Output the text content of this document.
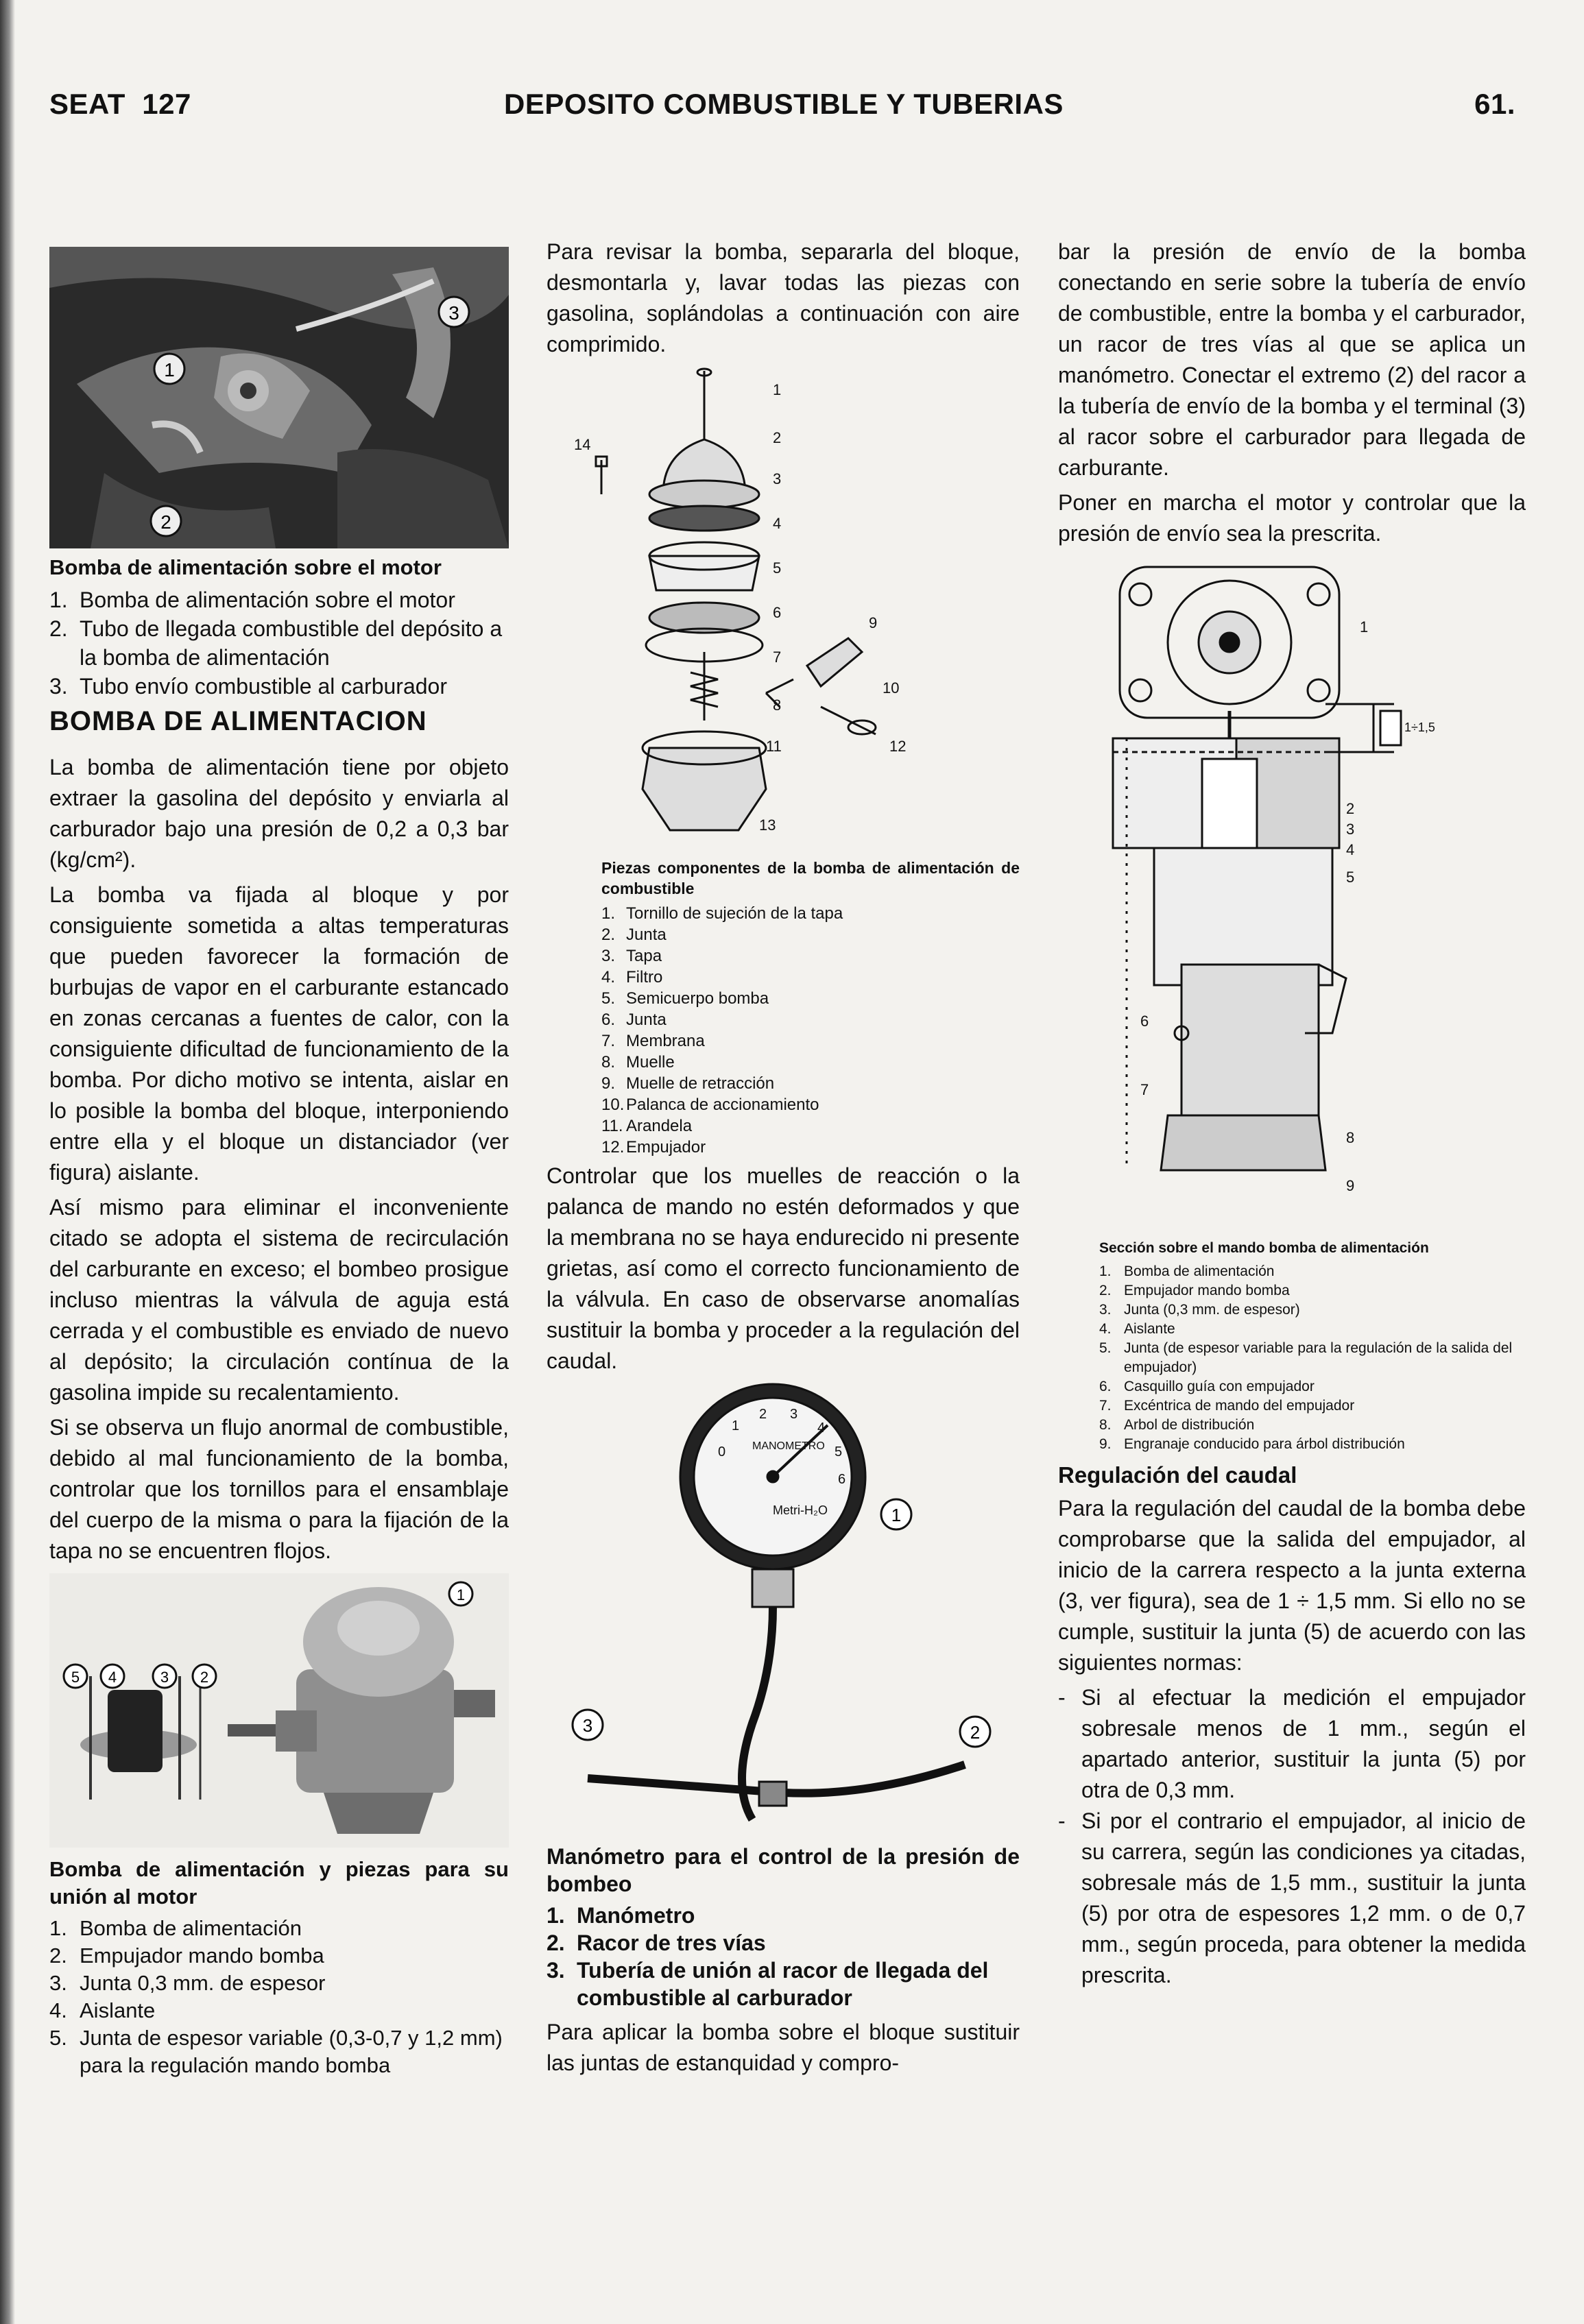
SEAT  127	DEPOSITO COMBUSTIBLE Y TUBERIAS	61.
1
2
3

Bomba de alimentación sobre el motor

1. Bomba de alimentación sobre el motor
2. Tubo de llegada combustible del depósito a la bomba de alimentación
3. Tubo envío combustible al carburador
BOMBA DE ALIMENTACION

La bomba de alimentación tiene por objeto extraer la gasolina del depósito y enviarla al carburador bajo una presión de 0,2 a 0,3 bar (kg/cm²).

La bomba va fijada al bloque y por consiguiente sometida a altas temperaturas que pueden favorecer la formación de burbujas de vapor en el carburante estancado en zonas cercanas a fuentes de calor, con la consiguiente dificultad de funcionamiento de la bomba. Por dicho motivo se intenta, aislar en lo posible la bomba del bloque, interponiendo entre ella y el bloque un distanciador (ver figura) aislante.

Así mismo para eliminar el inconveniente citado se adopta el sistema de recirculación del carburante en exceso; el bombeo prosigue incluso mientras la válvula de aguja está cerrada y el combustible es enviado de nuevo al depósito; la circulación contínua de la gasolina impide su recalentamiento.

Si se observa un flujo anormal de combustible, debido al mal funcionamiento de la bomba, controlar que los tornillos para el ensamblaje del cuerpo de la misma o para la fijación de la tapa no se encuentren flojos.

5 4	3 2
1

Bomba de alimentación y piezas para su unión al motor

1. Bomba de alimentación
2. Empujador mando bomba
3. Junta 0,3 mm. de espesor
4. Aislante
5. Junta de espesor variable (0,3-0,7 y 1,2 mm) para la regulación mando bomba

Para revisar la bomba, separarla del bloque, desmontarla y, lavar todas las piezas con gasolina, soplándolas a continuación con aire comprimido.

1
2
3
4
5
6
7
8
9
10
11	12
13
14

Piezas componentes de la bomba de alimentación de combustible

1. Tornillo de sujeción de la tapa
2. Junta
3. Tapa
4. Filtro
5. Semicuerpo bomba
6. Junta
7. Membrana
8. Muelle
9. Muelle de retracción
10. Palanca de accionamiento
11. Arandela
12. Empujador

Controlar que los muelles de reacción o la palanca de mando no estén deformados y que la membrana no se haya endurecido ni presente grietas, así como el correcto funcionamiento de la válvula. En caso de observarse anomalías sustituir la bomba y proceder a la regulación del caudal.

0
1
2 3
4
5
6
MANOMETRO
Metri-H₂O	1
2
3

Manómetro para el control de la presión de bombeo

1. Manómetro
2. Racor de tres vías
3. Tubería de unión al racor de llegada del combustible al carburador

Para aplicar la bomba sobre el bloque sustituir las juntas de estanquidad y compro-

bar la presión de envío de la bomba conectando en serie sobre la tubería de envío de combustible, entre la bomba y el carburador, un racor de tres vías al que se aplica un manómetro. Conectar el extremo (2) del racor a la tubería de envío de la bomba y el terminal (3) al racor sobre el carburador para llegada de carburante.

Poner en marcha el motor y controlar que la presión de envío sea la prescrita.

1
2
3
4
5
6
7
8
9
1÷1,5

Sección sobre el mando bomba de alimentación

1. Bomba de alimentación
2. Empujador mando bomba
3. Junta (0,3 mm. de espesor)
4. Aislante
5. Junta (de espesor variable para la regulación de la salida del empujador)
6. Casquillo guía con empujador
7. Excéntrica de mando del empujador
8. Arbol de distribución
9. Engranaje conducido para árbol distribución
Regulación del caudal

Para la regulación del caudal de la bomba debe comprobarse que la salida del empujador, al inicio de la carrera respecto a la junta externa (3, ver figura), sea de 1 ÷ 1,5 mm. Si ello no se cumple, sustituir la junta (5) de acuerdo con las siguientes normas:

- Si al efectuar la medición el empujador sobresale menos de 1 mm., según el apartado anterior, sustituir la junta (5) por otra de 0,3 mm.
- Si por el contrario el empujador, al inicio de su carrera, según las condiciones ya citadas, sobresale más de 1,5 mm., sustituir la junta (5) por otra de espesores 1,2 mm. o de 0,7 mm., según proceda, para obtener la medida prescrita.
